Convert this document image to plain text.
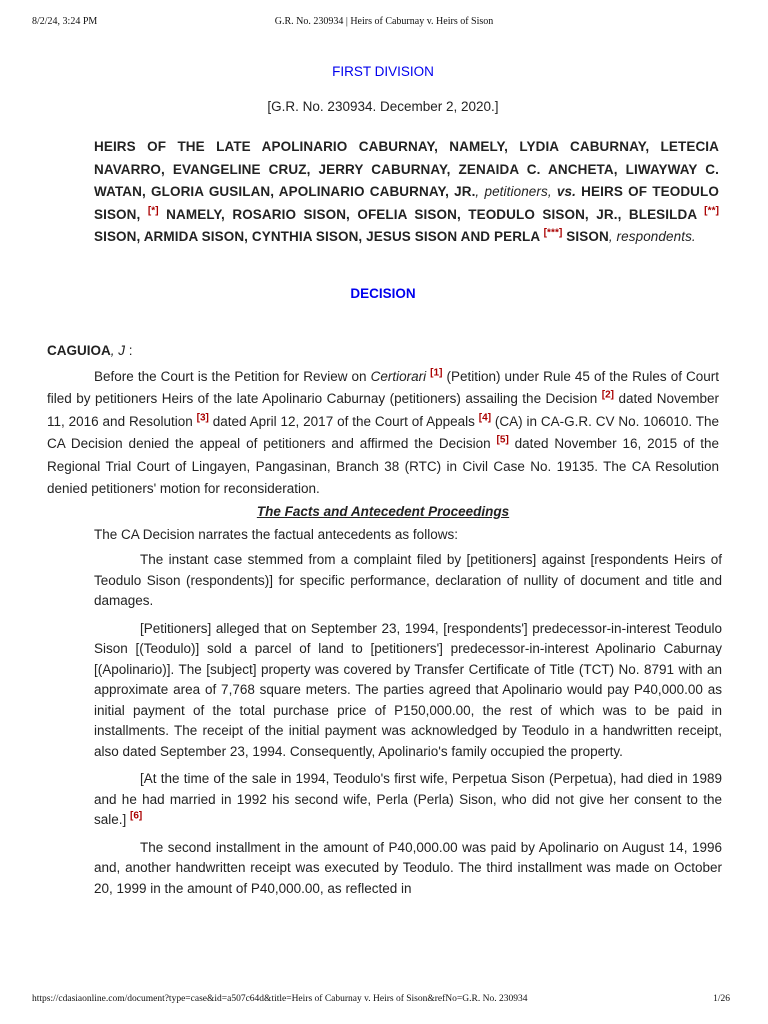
8/2/24, 3:24 PM	G.R. No. 230934 | Heirs of Caburnay v. Heirs of Sison
FIRST DIVISION
[G.R. No. 230934. December 2, 2020.]
HEIRS OF THE LATE APOLINARIO CABURNAY, NAMELY, LYDIA CABURNAY, LETECIA NAVARRO, EVANGELINE CRUZ, JERRY CABURNAY, ZENAIDA C. ANCHETA, LIWAYWAY C. WATAN, GLORIA GUSILAN, APOLINARIO CABURNAY, JR., petitioners, vs. HEIRS OF TEODULO SISON, [*] NAMELY, ROSARIO SISON, OFELIA SISON, TEODULO SISON, JR., BLESILDA [**] SISON, ARMIDA SISON, CYNTHIA SISON, JESUS SISON AND PERLA [***] SISON, respondents.
DECISION
CAGUIOA, J :

Before the Court is the Petition for Review on Certiorari [1] (Petition) under Rule 45 of the Rules of Court filed by petitioners Heirs of the late Apolinario Caburnay (petitioners) assailing the Decision [2] dated November 11, 2016 and Resolution [3] dated April 12, 2017 of the Court of Appeals [4] (CA) in CA-G.R. CV No. 106010. The CA Decision denied the appeal of petitioners and affirmed the Decision [5] dated November 16, 2015 of the Regional Trial Court of Lingayen, Pangasinan, Branch 38 (RTC) in Civil Case No. 19135. The CA Resolution denied petitioners' motion for reconsideration.

The Facts and Antecedent Proceedings

The CA Decision narrates the factual antecedents as follows:

The instant case stemmed from a complaint filed by [petitioners] against [respondents Heirs of Teodulo Sison (respondents)] for specific performance, declaration of nullity of document and title and damages.

[Petitioners] alleged that on September 23, 1994, [respondents'] predecessor-in-interest Teodulo Sison [(Teodulo)] sold a parcel of land to [petitioners'] predecessor-in-interest Apolinario Caburnay [(Apolinario)]. The [subject] property was covered by Transfer Certificate of Title (TCT) No. 8791 with an approximate area of 7,768 square meters. The parties agreed that Apolinario would pay P40,000.00 as initial payment of the total purchase price of P150,000.00, the rest of which was to be paid in installments. The receipt of the initial payment was acknowledged by Teodulo in a handwritten receipt, also dated September 23, 1994. Consequently, Apolinario's family occupied the property.

[At the time of the sale in 1994, Teodulo's first wife, Perpetua Sison (Perpetua), had died in 1989 and he had married in 1992 his second wife, Perla (Perla) Sison, who did not give her consent to the sale.] [6]

The second installment in the amount of P40,000.00 was paid by Apolinario on August 14, 1996 and, another handwritten receipt was executed by Teodulo. The third installment was made on October 20, 1999 in the amount of P40,000.00, as reflected in

https://cdasiaonline.com/document?type=case&id=a507c64d&title=Heirs of Caburnay v. Heirs of Sison&refNo=G.R. No. 230934	1/26
